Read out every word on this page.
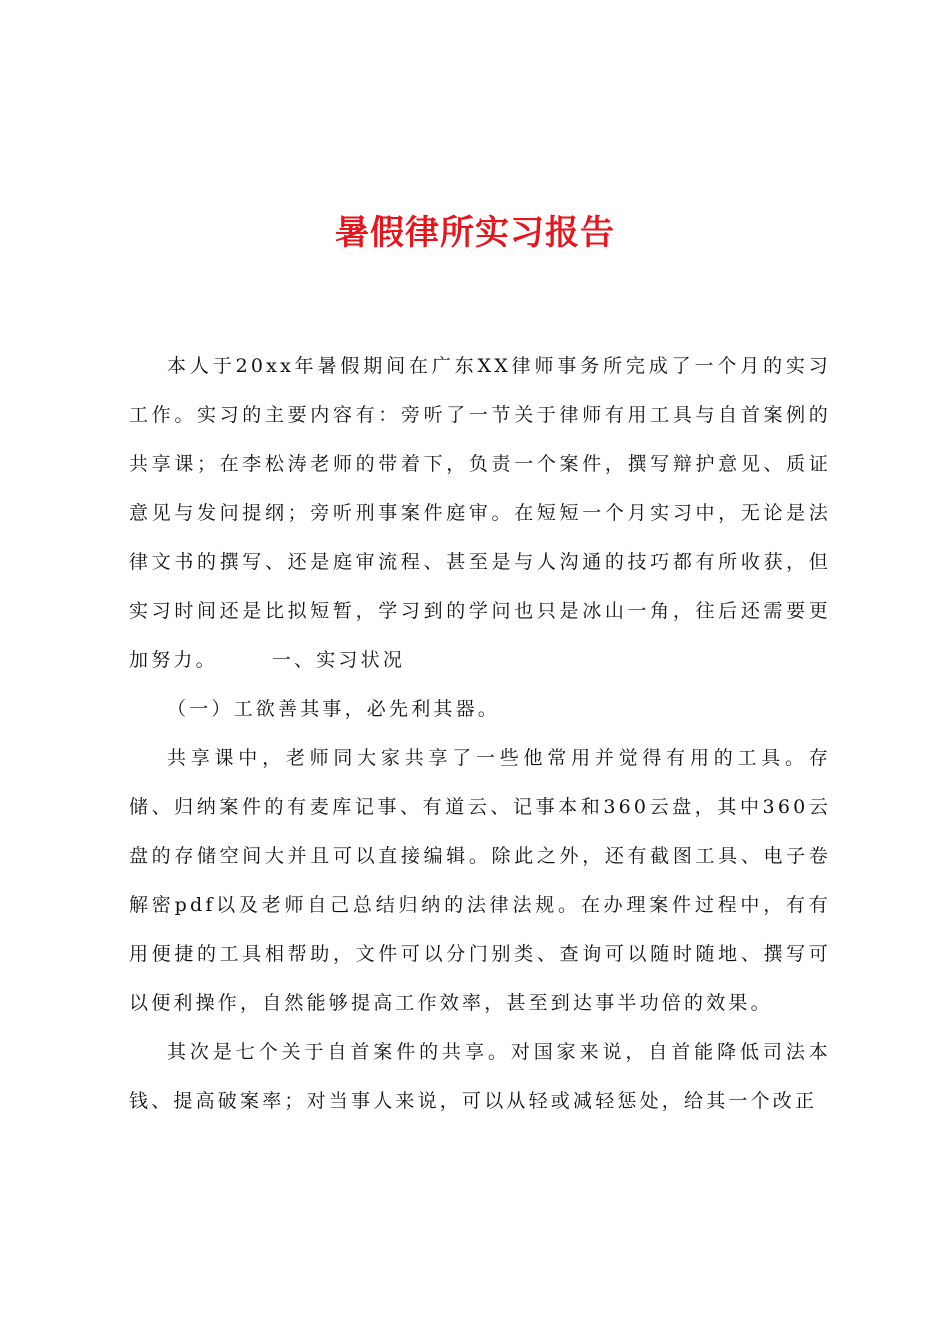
暑假律所实习报告

本人于20xx年暑假期间在广东XX律师事务所完成了一个月的实习工作。实习的主要内容有：旁听了一节关于律师有用工具与自首案例的共享课；在李松涛老师的带着下，负责一个案件，撰写辩护意见、质证意见与发问提纲；旁听刑事案件庭审。在短短一个月实习中，无论是法律文书的撰写、还是庭审流程、甚至是与人沟通的技巧都有所收获，但实习时间还是比拟短暂，学习到的学问也只是冰山一角，往后还需要更加努力。	一、实习状况

（一）工欲善其事，必先利其器。

共享课中，老师同大家共享了一些他常用并觉得有用的工具。存储、归纳案件的有麦库记事、有道云、记事本和360云盘，其中360云盘的存储空间大并且可以直接编辑。除此之外，还有截图工具、电子卷解密pdf以及老师自己总结归纳的法律法规。在办理案件过程中，有有用便捷的工具相帮助，文件可以分门别类、查询可以随时随地、撰写可以便利操作，自然能够提高工作效率，甚至到达事半功倍的效果。

其次是七个关于自首案件的共享。对国家来说，自首能降低司法本钱、提高破案率；对当事人来说，可以从轻或减轻惩处，给其一个改正
